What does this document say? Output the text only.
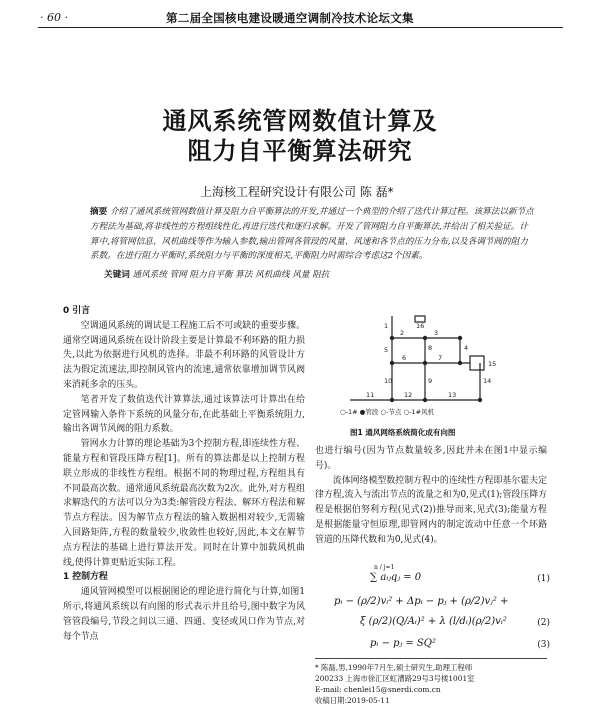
· 60 ·	第二届全国核电建设暖通空调制冷技术论坛文集
通风系统管网数值计算及
阻力自平衡算法研究
上海核工程研究设计有限公司 陈 磊*
摘要 介绍了通风系统管网数值计算及阻力自平衡算法的开发,并通过一个典型的介绍了迭代计算过程。该算法以新节点方程法为基础,将非线性的方程组线性化,再进行迭代和逐归求解。开发了管网阻力自平衡算法,并给出了相关验证。计算中,将管网信息、风机曲线等作为输入参数,输出管网各管段的风量、风速和各节点的压力分布,以及各调节阀的阻力系数。在进行阻力平衡时,系统阻力与平衡的深度相关,平衡阻力时需综合考虑这2个因素。
关键词 通风系统 管网 阻力自平衡 算法 风机曲线 风量 阻抗

0 引言

空调通风系统的调试是工程施工后不可或缺的重要步骤。通常空调通风系统在设计阶段主要是计算最不利环路的阻力损失,以此为依据进行风机的选择。非最不利环路的风管设计方法为假定流速法,即控制风管内的流速,通常依靠增加调节风阀来消耗多余的压头。

笔者开发了数值迭代计算算法,通过该算法可计算出在给定管网输入条件下系统的风量分布,在此基础上平衡系统阻力,输出各调节风阀的阻力系数。

管网水力计算的理论基础为3个控制方程,即连续性方程、能量方程和管段压降方程[1]。所有的算法都是以上控制方程联立形成的非线性方程组。根据不同的物理过程,方程组具有不同最高次数。通常通风系统最高次数为2次。此外,对方程组求解迭代的方法可以分为3类:解管段方程法、解环方程法和解节点方程法。因为解节点方程法的输入数据相对较少,无需输入回路矩阵,方程的数量较少,收敛性也较好,因此,本文在解节点方程法的基础上进行算法开发。同时在计算中加载风机曲线,使得计算更贴近实际工程。

1 控制方程

通风管网模型可以根据图论的理论进行简化与计算,如图1所示,将通风系统以有向图的形式表示并且给号,图中数字为风管管段编号,节段之间以三通、四通、变径或风口作为节点,对每个节点

1
2	3
4
5
6	7
8
9
10
11	12	13
14
15
16
○-1# ●管段 ○-节点 ○-1#风机
图1 通风网络系统简化成有向图

也进行编号(因为节点数量较多,因此并未在图1中显示编号)。

流体网络模型数控制方程中的连续性方程即基尔霍夫定律方程,流入与流出节点的流量之和为0,见式(1);管段压降方程是根据伯努利方程(见式(2))推导而来,见式(3);能量方程是根据能量守恒原理,即管网内的制定流动中任意一个环路管道的压降代数和为0,见式(4)。

n / j=1
∑ aᵢⱼqⱼ = 0	(1)
pᵢ − (ρ/2)vᵢ² + Δpᵢ − pⱼ + (ρ/2)vⱼ² +
ξ (ρ/2)(Q/Aᵢ)² + λ (l/dᵢ)(ρ/2)vᵢ²	(2)
pᵢ − pⱼ = SQ²	(3)
* 陈磊,男,1990年7月生,硕士研究生,助理工程师
200233 上海市徐汇区虹漕路29号3号楼1001室
E-mail: chenlei15@snerdi.com.cn
收稿日期:2019-05-11
